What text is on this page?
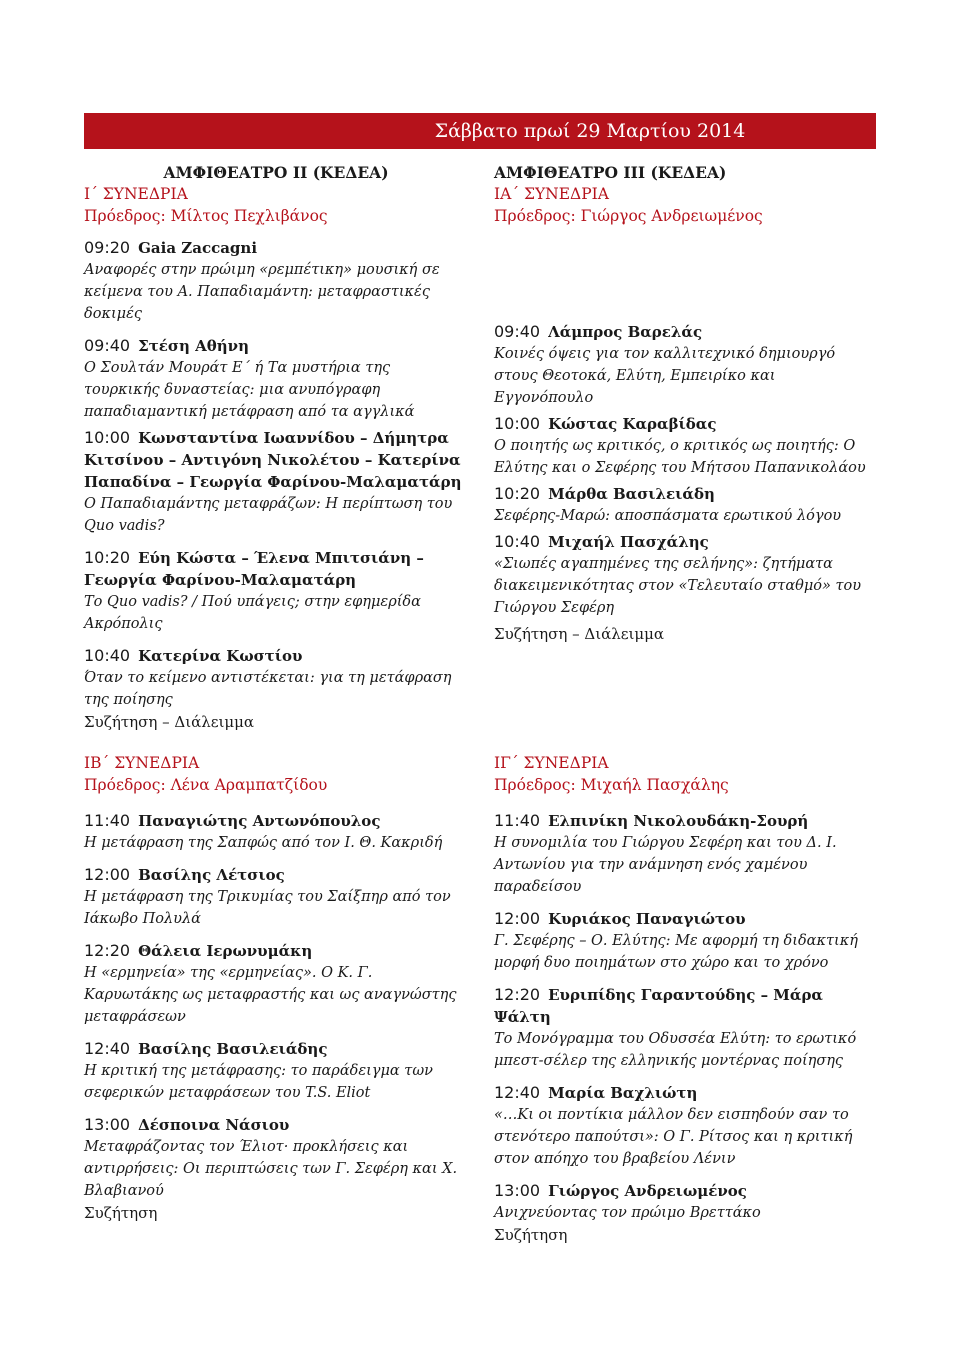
Σάββατο πρωί 29 Μαρτίου 2014
ΑΜΦΙΘΕΑΤΡΟ ΙΙ (ΚΕΔΕΑ)
Ι΄ ΣΥΝΕΔΡΙΑ
Πρόεδρος: Μίλτος Πεχλιβάνος
09:20 Gaia Zaccagni
Αναφορές στην πρώιμη «ρεμπέτικη» μουσική σε κείμενα του Α. Παπαδιαμάντη: μεταφραστικές δοκιμές
09:40 Στέση Αθήνη
Ο Σουλτάν Μουράτ Ε΄ ή Τα μυστήρια της τουρκικής δυναστείας: μια ανυπόγραφη παπαδιαμαντική μετάφραση από τα αγγλικά
10:00 Κωνσταντίνα Ιωαννίδου – Δήμητρα Κιτσίνου – Αντιγόνη Νικολέτου – Κατερίνα Παπαδίνα – Γεωργία Φαρίνου-Μαλαματάρη
Ο Παπαδιαμάντης μεταφράζων: Η περίπτωση του Quo vadis?
10:20 Εύη Κώστα – Έλενα Μπιτσιάνη – Γεωργία Φαρίνου-Μαλαματάρη
Το Quo vadis? / Πού υπάγεις; στην εφημερίδα Ακρόπολις
10:40 Κατερίνα Κωστίου
Όταν το κείμενο αντιστέκεται: για τη μετάφραση της ποίησης
Συζήτηση – Διάλειμμα
ΑΜΦΙΘΕΑΤΡΟ ΙΙΙ (ΚΕΔΕΑ)
ΙΑ΄ ΣΥΝΕΔΡΙΑ
Πρόεδρος: Γιώργος Ανδρειωμένος
09:40 Λάμπρος Βαρελάς
Κοινές όψεις για τον καλλιτεχνικό δημιουργό στους Θεοτοκά, Ελύτη, Εμπειρίκο και Εγγονόπουλο
10:00 Κώστας Καραβίδας
Ο ποιητής ως κριτικός, ο κριτικός ως ποιητής: Ο Ελύτης και ο Σεφέρης του Μήτσου Παπανικολάου
10:20 Μάρθα Βασιλειάδη
Σεφέρης-Μαρώ: αποσπάσματα ερωτικού λόγου
10:40 Μιχαήλ Πασχάλης
«Σιωπές αγαπημένες της σελήνης»: ζητήματα διακειμενικότητας στον «Τελευταίο σταθμό» του Γιώργου Σεφέρη
Συζήτηση – Διάλειμμα
ΙΒ΄ ΣΥΝΕΔΡΙΑ
Πρόεδρος: Λένα Αραμπατζίδου
11:40 Παναγιώτης Αντωνόπουλος
Η μετάφραση της Σαπφώς από τον Ι. Θ. Κακριδή
12:00 Βασίλης Λέτσιος
Η μετάφραση της Τρικυμίας του Σαίξπηρ από τον Ιάκωβο Πολυλά
12:20 Θάλεια Ιερωνυμάκη
Η «ερμηνεία» της «ερμηνείας». Ο Κ. Γ. Καρυωτάκης ως μεταφραστής και ως αναγνώστης μεταφράσεων
12:40 Βασίλης Βασιλειάδης
Η κριτική της μετάφρασης: το παράδειγμα των σεφερικών μεταφράσεων του T.S. Eliot
13:00 Δέσποινα Νάσιου
Μεταφράζοντας τον Έλιοτ· προκλήσεις και αντιρρήσεις: Οι περιπτώσεις των Γ. Σεφέρη και Χ. Βλαβιανού
Συζήτηση
ΙΓ΄ ΣΥΝΕΔΡΙΑ
Πρόεδρος: Μιχαήλ Πασχάλης
11:40 Ελπινίκη Νικολουδάκη-Σουρή
Η συνομιλία του Γιώργου Σεφέρη και του Δ. Ι. Αντωνίου για την ανάμνηση ενός χαμένου παραδείσου
12:00 Κυριάκος Παναγιώτου
Γ. Σεφέρης – Ο. Ελύτης: Με αφορμή τη διδακτική μορφή δυο ποιημάτων στο χώρο και το χρόνο
12:20 Ευριπίδης Γαραντούδης – Μάρα Ψάλτη
Το Μονόγραμμα του Οδυσσέα Ελύτη: το ερωτικό μπεστ-σέλερ της ελληνικής μοντέρνας ποίησης
12:40 Μαρία Βαχλιώτη
«…Κι οι ποντίκια μάλλον δεν εισπηδούν σαν το στενότερο παπούτσι»: Ο Γ. Ρίτσος και η κριτική στον απόηχο του βραβείου Λένιν
13:00 Γιώργος Ανδρειωμένος
Ανιχνεύοντας τον πρώιμο Βρεττάκο
Συζήτηση
